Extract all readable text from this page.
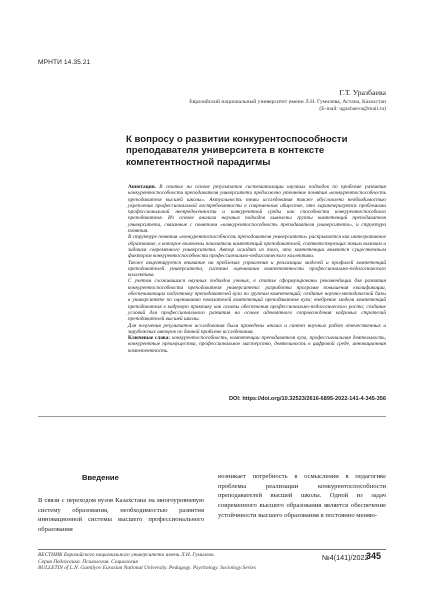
МРНТИ 14.35.21
Г.Т. Уразбаева
Евразийский национальный университет имени Л.Н. Гумилева, Астана, Казахстан
(E-mail: ugazbaeva@mail.ru)
К вопросу о развитии конкурентоспособности преподавателя университета в контексте компетентностной парадигмы

Аннотация. В статье на основе результатов систематизации научных подходов по проблеме развития конкурентоспособности преподавателя университета предложено уточнение понятия «конкурентоспособность преподавателя высшей школы». Актуальность темы исследования также обусловлена необходимостью укрепления профессиональной востребованности в современном обществе, что характеризуется проблемами профессиональной неопределенности и конкурентной среды как способности конкурентоспособного преподавателя. Из основе анализа научных подходов выявлены группы компетенций преподавателя университета, связанные с понятием «конкурентоспособность преподавателя университета», и структура понятия.

В структуре понятия «конкурентоспособность преподавателя университета» раскрывается как интегративное образование, в которое включены показатели компетенций преподавателей, соответствующих новым вызовам и задачам современного университета. Автор исходит из того, что компетенции являются существенным фактором конкурентоспособности профессионально-педагогического коллектива.

Также акцентируется внимание на проблемах управления и реализации моделей и профилей компетенций преподавателей университета, система оценивания компетентности профессионально-педагогического коллектива.

С учетом сложившихся научных подходов ученых, в статье сформулированы рекомендации для развития конкурентоспособности преподавателя университета: разработка программ повышения квалификации, обеспечивающих подготовку преподавателей вуза по группам компетенций; создание научно-методической базы в университете по оцениванию показателей компетенций преподавателя вуза; внедрение модели компетенций преподавателя в кадровую практику как основы обеспечения профессионально-педагогического роста; создание условий для профессионального развития на основе адекватного сопровождения кадровых стратегий преподавателей высшей школы.

Для получения результатов исследования были проведены анализ и синтез научных работ отечественных и зарубежных авторов по данной проблеме исследования.

Ключевые слова: конкурентоспособность, компетенции преподавателя вуза, профессиональная деятельность, конкурентные преимущества, профессиональное мастерство, деятельность в цифровой среде, инновационная компетентность.

DOI: https://doi.org/10.32523/2616-6895-2022-141-4-345-356
Введение
В связи с переходом вузов Казахстана на многоуровневую систему образования, необходимостью развития инновационной системы высшего профессионального образования
возникает потребность в осмыслении в педагогике проблемы реализации конкурентоспособности преподавателей высшей школы. Одной из задач современного высшего образования является обеспечение устойчивости высшего образования в постоянно меняю-
ВЕСТНИК Евразийского национального университета имени Л.Н. Гумилева.
Серия Педагогика. Психология. Социология
BULLETIN of L.N. Gumilyov Eurasian National University. Pedagogy. Psychology. Sociology Series
№4(141)/2022
345
